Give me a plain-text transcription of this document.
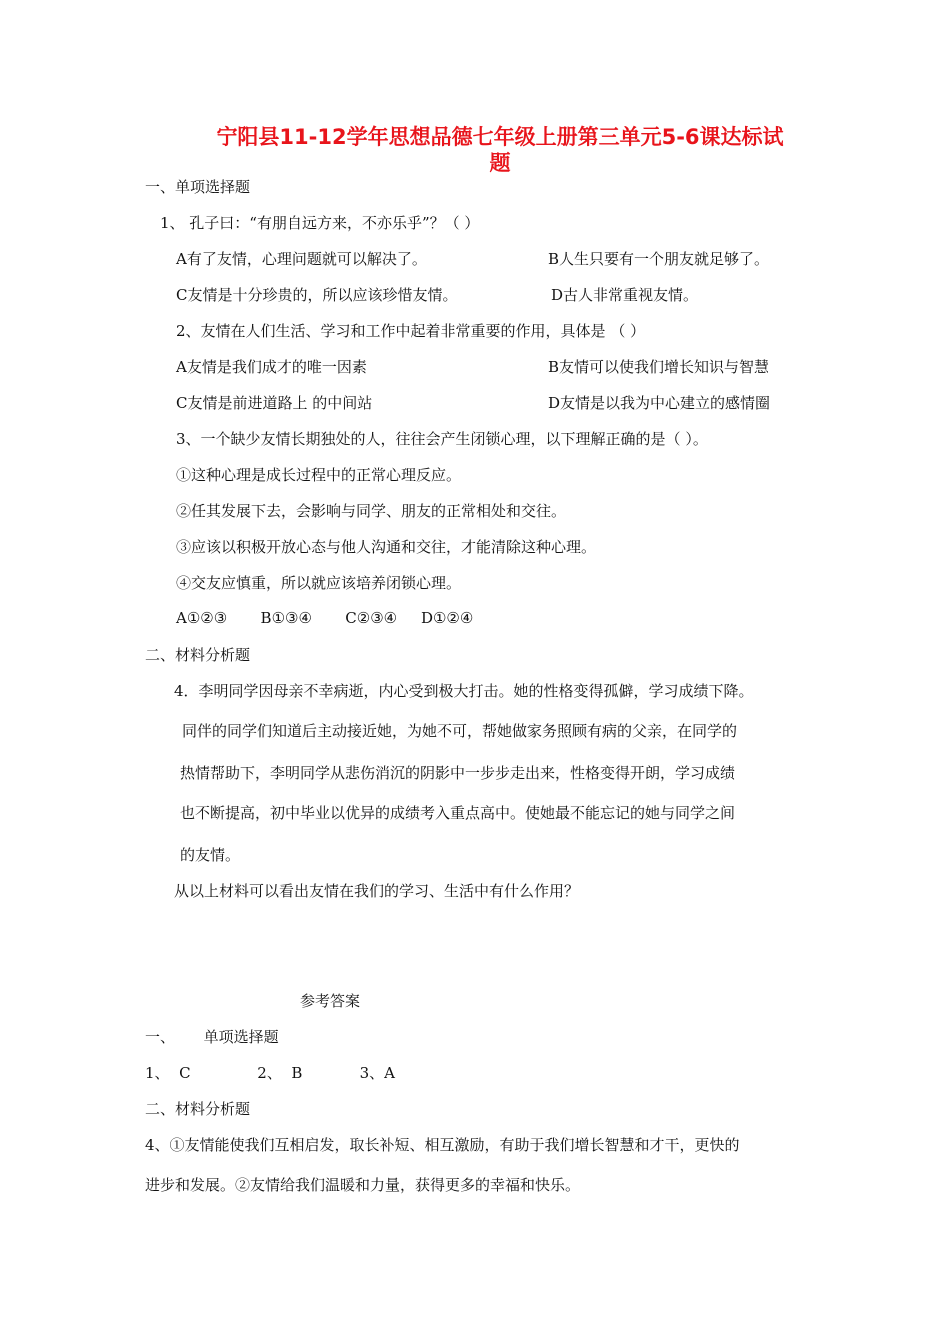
宁阳县11-12学年思想品德七年级上册第三单元5-6课达标试

题

一、单项选择题

1、 孔子曰：“有朋自远方来，不亦乐乎”？（ ）

A有了友情，心理问题就可以解决了。	B人生只要有一个朋友就足够了。

C友情是十分珍贵的，所以应该珍惜友情。	D古人非常重视友情。

2、友情在人们生活、学习和工作中起着非常重要的作用，具体是 （ ）

A友情是我们成才的唯一因素	B友情可以使我们增长知识与智慧

C友情是前进道路上 的中间站	D友情是以我为中心建立的感情圈

3、一个缺少友情长期独处的人，往往会产生闭锁心理，以下理解正确的是（ ）。

①这种心理是成长过程中的正常心理反应。

②任其发展下去，会影响与同学、朋友的正常相处和交往。

③应该以积极开放心态与他人沟通和交往，才能清除这种心理。

④交友应慎重，所以就应该培养闭锁心理。

A①②③       B①③④       C②③④     D①②④

二、材料分析题

4．李明同学因母亲不幸病逝，内心受到极大打击。她的性格变得孤僻，学习成绩下降。

同伴的同学们知道后主动接近她，为她不可，帮她做家务照顾有病的父亲，在同学的

热情帮助下，李明同学从悲伤消沉的阴影中一步步走出来，性格变得开朗，学习成绩

也不断提高，初中毕业以优异的成绩考入重点高中。使她最不能忘记的她与同学之间

的友情。

从以上材料可以看出友情在我们的学习、生活中有什么作用？

参考答案

一、      单项选择题

1、  C              2、  B            3、A

二、材料分析题

4、①友情能使我们互相启发，取长补短、相互激励，有助于我们增长智慧和才干，更快的

进步和发展。②友情给我们温暖和力量，获得更多的幸福和快乐。
